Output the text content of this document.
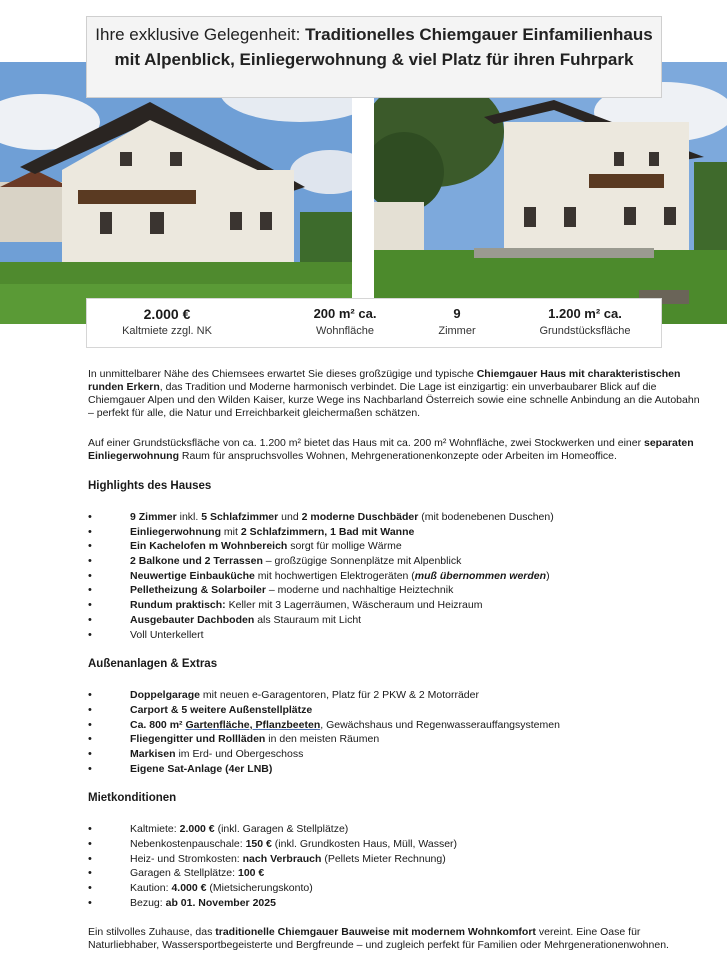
Ihre exklusive Gelegenheit: Traditionelles Chiemgauer Einfamilienhaus mit Alpenblick, Einliegerwohnung & viel Platz für ihren Fuhrpark
2.000 €
Kaltmiete zzgl. NK
200 m² ca.
Wohnfläche
9
Zimmer
1.200 m² ca.
Grundstücksfläche

In unmittelbarer Nähe des Chiemsees erwartet Sie dieses großzügige und typische Chiemgauer Haus mit charakteristischen runden Erkern, das Tradition und Moderne harmonisch verbindet. Die Lage ist einzigartig: ein unverbaubarer Blick auf die Chiemgauer Alpen und den Wilden Kaiser, kurze Wege ins Nachbarland Österreich sowie eine schnelle Anbindung an die Autobahn – perfekt für alle, die Natur und Erreichbarkeit gleichermaßen schätzen.

Auf einer Grundstücksfläche von ca. 1.200 m² bietet das Haus mit ca. 200 m² Wohnfläche, zwei Stockwerken und einer separaten Einliegerwohnung Raum für anspruchsvolles Wohnen, Mehrgenerationenkonzepte oder Arbeiten im Homeoffice.

Highlights des Hauses
• 9 Zimmer inkl. 5 Schlafzimmer und 2 moderne Duschbäder (mit bodenebenen Duschen)
• Einliegerwohnung mit 2 Schlafzimmern, 1 Bad mit Wanne
• Ein Kachelofen m Wohnbereich sorgt für mollige Wärme
• 2 Balkone und 2 Terrassen – großzügige Sonnenplätze mit Alpenblick
• Neuwertige Einbauküche mit hochwertigen Elektrogeräten (muß übernommen werden)
• Pelletheizung & Solarboiler – moderne und nachhaltige Heiztechnik
• Rundum praktisch: Keller mit 3 Lagerräumen, Wäscheraum und Heizraum
• Ausgebauter Dachboden als Stauraum mit Licht
• Voll Unterkellert
Außenanlagen & Extras
• Doppelgarage mit neuen e-Garagentoren, Platz für 2 PKW & 2 Motorräder
• Carport & 5 weitere Außenstellplätze
• Ca. 800 m² Gartenfläche, Pflanzbeeten, Gewächshaus und Regenwasserauffangsystemen
• Fliegengitter und Rollläden in den meisten Räumen
• Markisen im Erd- und Obergeschoss
• Eigene Sat-Anlage (4er LNB)
Mietkonditionen
• Kaltmiete: 2.000 € (inkl. Garagen & Stellplätze)
• Nebenkostenpauschale: 150 € (inkl. Grundkosten Haus, Müll, Wasser)
• Heiz- und Stromkosten: nach Verbrauch (Pellets Mieter Rechnung)
• Garagen & Stellplätze: 100 €
• Kaution: 4.000 € (Mietsicherungskonto)
• Bezug: ab 01. November 2025

Ein stilvolles Zuhause, das traditionelle Chiemgauer Bauweise mit modernem Wohnkomfort vereint. Eine Oase für Naturliebhaber, Wassersportbegeisterte und Bergfreunde – und zugleich perfekt für Familien oder Mehrgenerationenwohnen.
